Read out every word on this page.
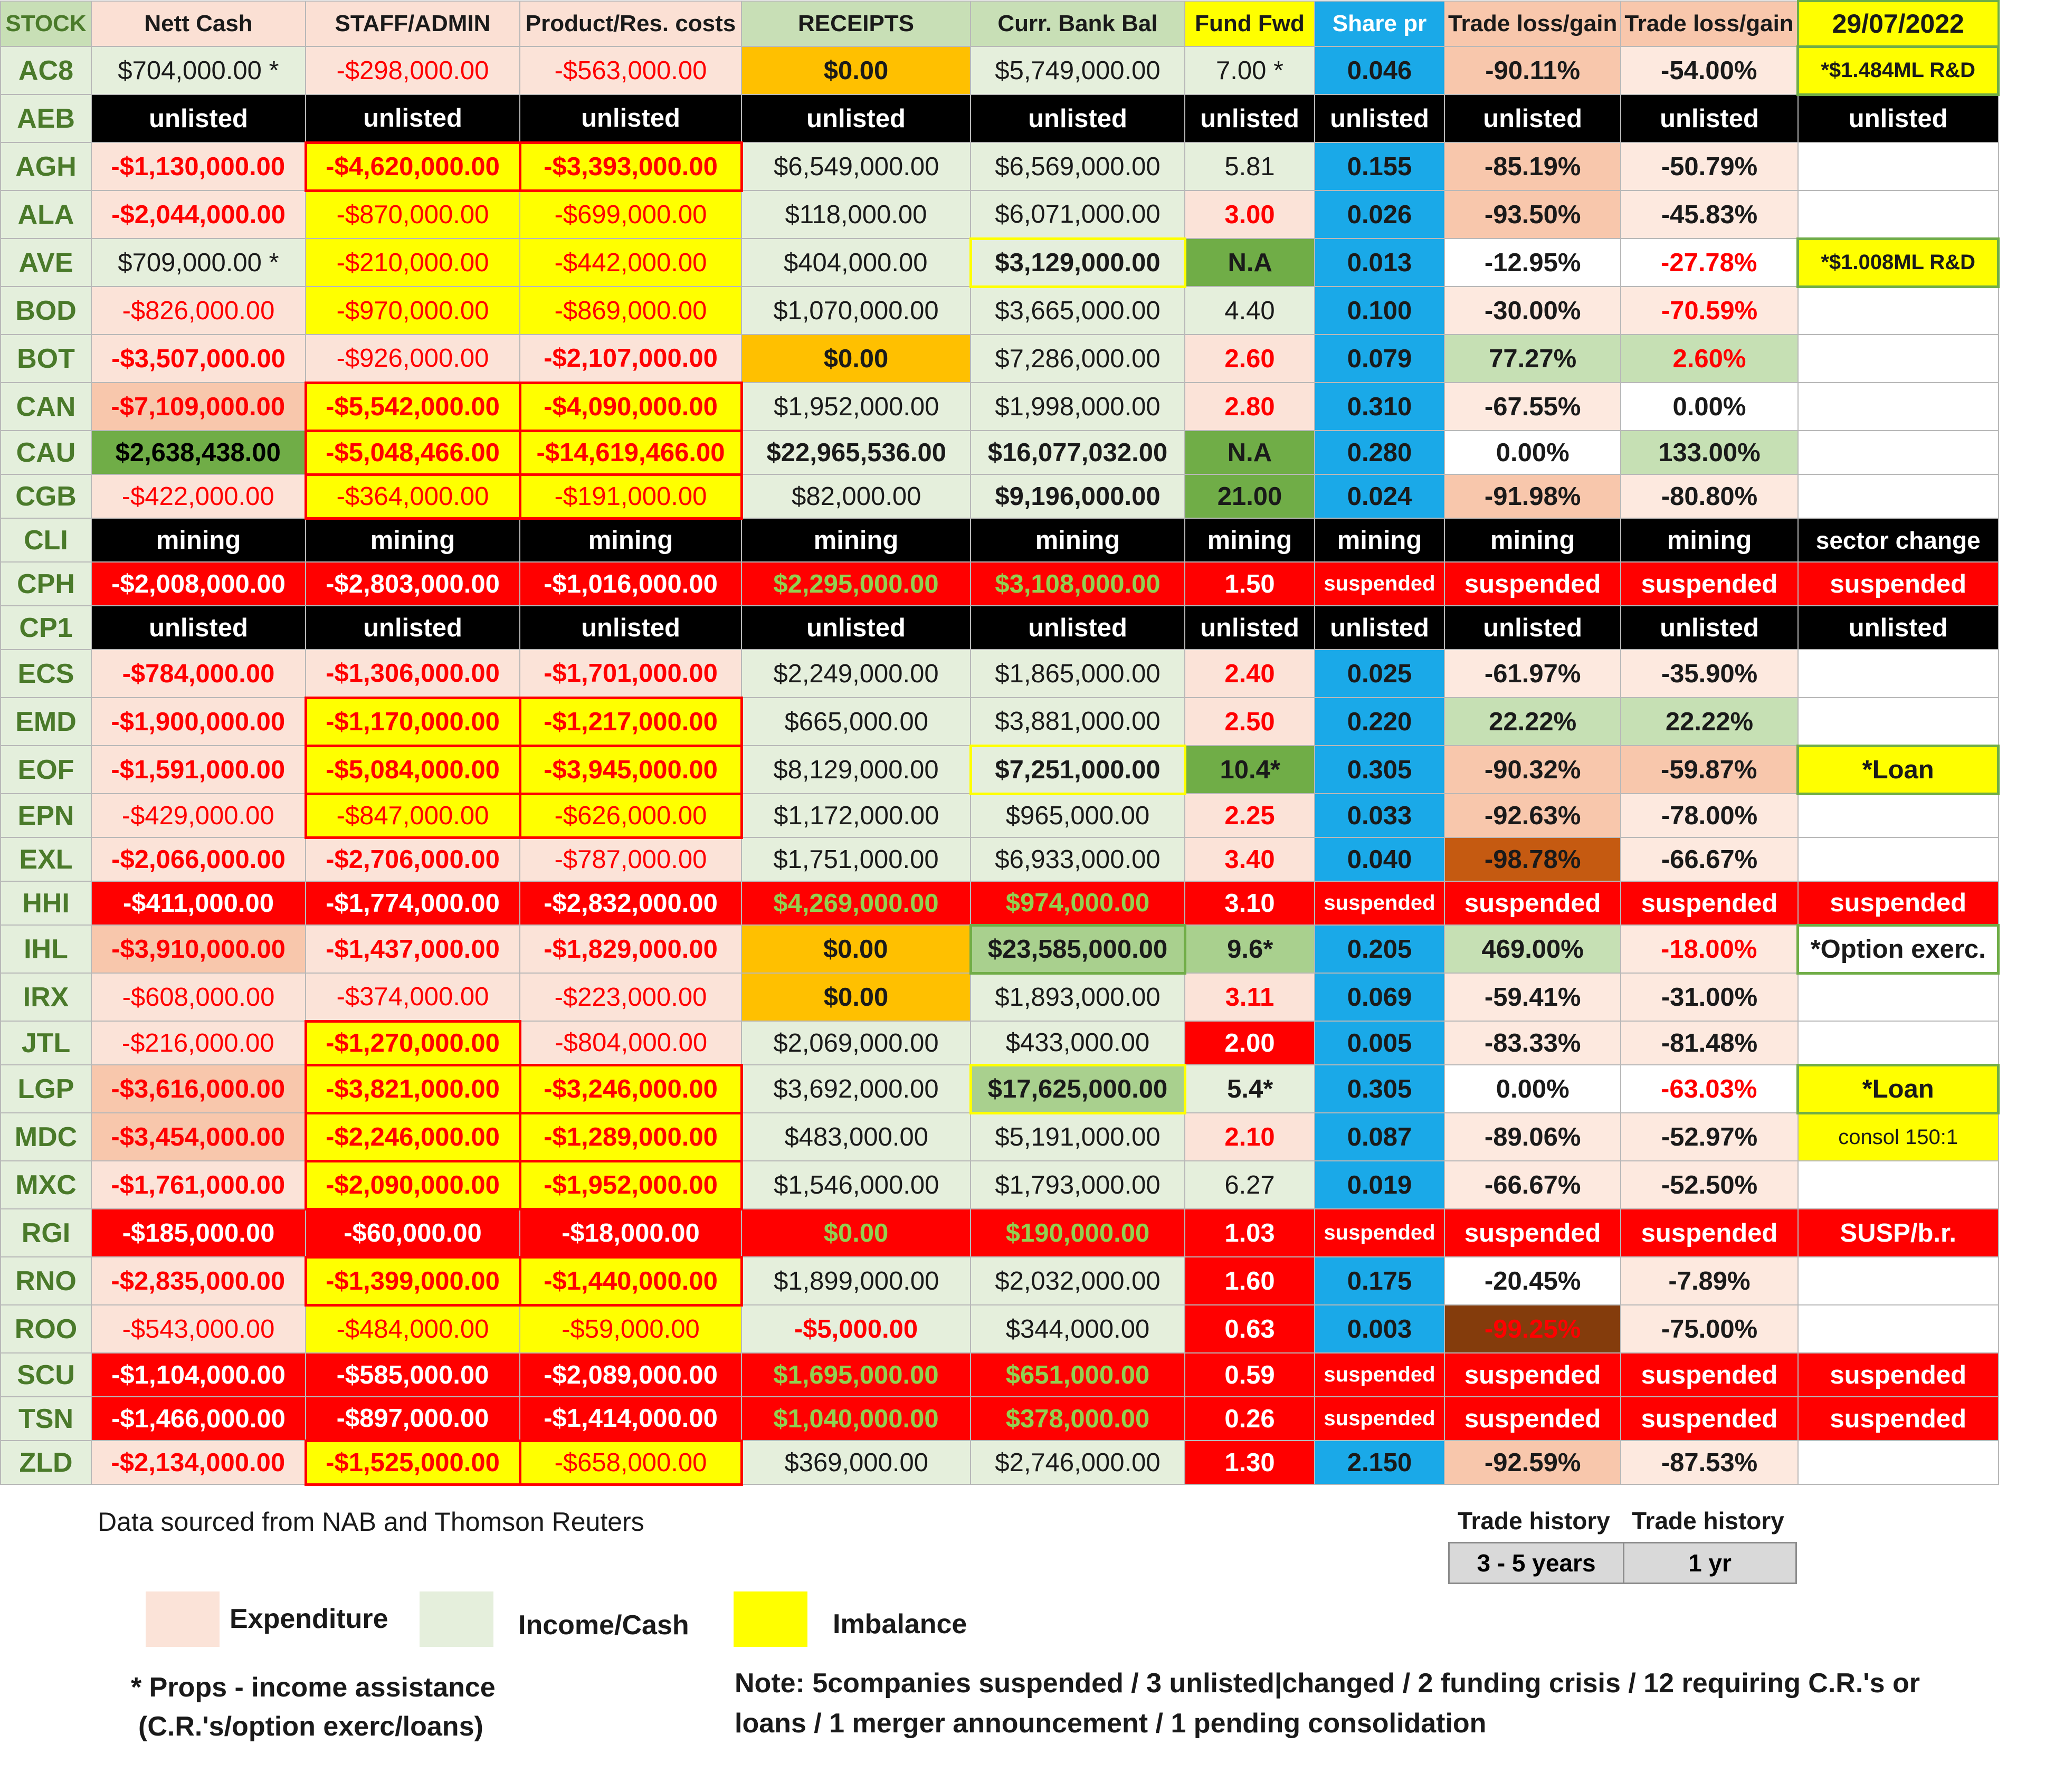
STOCK	Nett Cash	STAFF/ADMIN	Product/Res. costs	RECEIPTS	Curr. Bank Bal	Fund Fwd	Share pr	Trade loss/gain	Trade loss/gain	29/07/2022
AC8	$704,000.00 *	-$298,000.00	-$563,000.00	$0.00	$5,749,000.00	7.00 *	0.046	-90.11%	-54.00%	*$1.484ML R&D
AEB	unlisted	unlisted	unlisted	unlisted	unlisted	unlisted	unlisted	unlisted	unlisted	unlisted
AGH	-$1,130,000.00	-$4,620,000.00	-$3,393,000.00	$6,549,000.00	$6,569,000.00	5.81	0.155	-85.19%	-50.79%	
ALA	-$2,044,000.00	-$870,000.00	-$699,000.00	$118,000.00	$6,071,000.00	3.00	0.026	-93.50%	-45.83%	
AVE	$709,000.00 *	-$210,000.00	-$442,000.00	$404,000.00	$3,129,000.00	N.A	0.013	-12.95%	-27.78%	*$1.008ML R&D
BOD	-$826,000.00	-$970,000.00	-$869,000.00	$1,070,000.00	$3,665,000.00	4.40	0.100	-30.00%	-70.59%	
BOT	-$3,507,000.00	-$926,000.00	-$2,107,000.00	$0.00	$7,286,000.00	2.60	0.079	77.27%	2.60%	
CAN	-$7,109,000.00	-$5,542,000.00	-$4,090,000.00	$1,952,000.00	$1,998,000.00	2.80	0.310	-67.55%	0.00%	
CAU	$2,638,438.00	-$5,048,466.00	-$14,619,466.00	$22,965,536.00	$16,077,032.00	N.A	0.280	0.00%	133.00%	
CGB	-$422,000.00	-$364,000.00	-$191,000.00	$82,000.00	$9,196,000.00	21.00	0.024	-91.98%	-80.80%	
CLI	mining	mining	mining	mining	mining	mining	mining	mining	mining	sector change
CPH	-$2,008,000.00	-$2,803,000.00	-$1,016,000.00	$2,295,000.00	$3,108,000.00	1.50	suspended	suspended	suspended	suspended
CP1	unlisted	unlisted	unlisted	unlisted	unlisted	unlisted	unlisted	unlisted	unlisted	unlisted
ECS	-$784,000.00	-$1,306,000.00	-$1,701,000.00	$2,249,000.00	$1,865,000.00	2.40	0.025	-61.97%	-35.90%	
EMD	-$1,900,000.00	-$1,170,000.00	-$1,217,000.00	$665,000.00	$3,881,000.00	2.50	0.220	22.22%	22.22%	
EOF	-$1,591,000.00	-$5,084,000.00	-$3,945,000.00	$8,129,000.00	$7,251,000.00	10.4*	0.305	-90.32%	-59.87%	*Loan
EPN	-$429,000.00	-$847,000.00	-$626,000.00	$1,172,000.00	$965,000.00	2.25	0.033	-92.63%	-78.00%	
EXL	-$2,066,000.00	-$2,706,000.00	-$787,000.00	$1,751,000.00	$6,933,000.00	3.40	0.040	-98.78%	-66.67%	
HHI	-$411,000.00	-$1,774,000.00	-$2,832,000.00	$4,269,000.00	$974,000.00	3.10	suspended	suspended	suspended	suspended
IHL	-$3,910,000.00	-$1,437,000.00	-$1,829,000.00	$0.00	$23,585,000.00	9.6*	0.205	469.00%	-18.00%	*Option exerc.
IRX	-$608,000.00	-$374,000.00	-$223,000.00	$0.00	$1,893,000.00	3.11	0.069	-59.41%	-31.00%	
JTL	-$216,000.00	-$1,270,000.00	-$804,000.00	$2,069,000.00	$433,000.00	2.00	0.005	-83.33%	-81.48%	
LGP	-$3,616,000.00	-$3,821,000.00	-$3,246,000.00	$3,692,000.00	$17,625,000.00	5.4*	0.305	0.00%	-63.03%	*Loan
MDC	-$3,454,000.00	-$2,246,000.00	-$1,289,000.00	$483,000.00	$5,191,000.00	2.10	0.087	-89.06%	-52.97%	consol 150:1
MXC	-$1,761,000.00	-$2,090,000.00	-$1,952,000.00	$1,546,000.00	$1,793,000.00	6.27	0.019	-66.67%	-52.50%	
RGI	-$185,000.00	-$60,000.00	-$18,000.00	$0.00	$190,000.00	1.03	suspended	suspended	suspended	SUSP/b.r.
RNO	-$2,835,000.00	-$1,399,000.00	-$1,440,000.00	$1,899,000.00	$2,032,000.00	1.60	0.175	-20.45%	-7.89%	
ROO	-$543,000.00	-$484,000.00	-$59,000.00	-$5,000.00	$344,000.00	0.63	0.003	-99.25%	-75.00%	
SCU	-$1,104,000.00	-$585,000.00	-$2,089,000.00	$1,695,000.00	$651,000.00	0.59	suspended	suspended	suspended	suspended
TSN	-$1,466,000.00	-$897,000.00	-$1,414,000.00	$1,040,000.00	$378,000.00	0.26	suspended	suspended	suspended	suspended
ZLD	-$2,134,000.00	-$1,525,000.00	-$658,000.00	$369,000.00	$2,746,000.00	1.30	2.150	-92.59%	-87.53%	
Data sourced from NAB and Thomson Reuters	Trade history Trade history
3 - 5 years	1 yr
Expenditure	Income/Cash	Imbalance
* Props - income assistance
(C.R.'s/option exerc/loans)
Note: 5companies suspended / 3 unlisted|changed / 2 funding crisis / 12 requiring C.R.'s or
loans / 1 merger announcement / 1 pending consolidation
